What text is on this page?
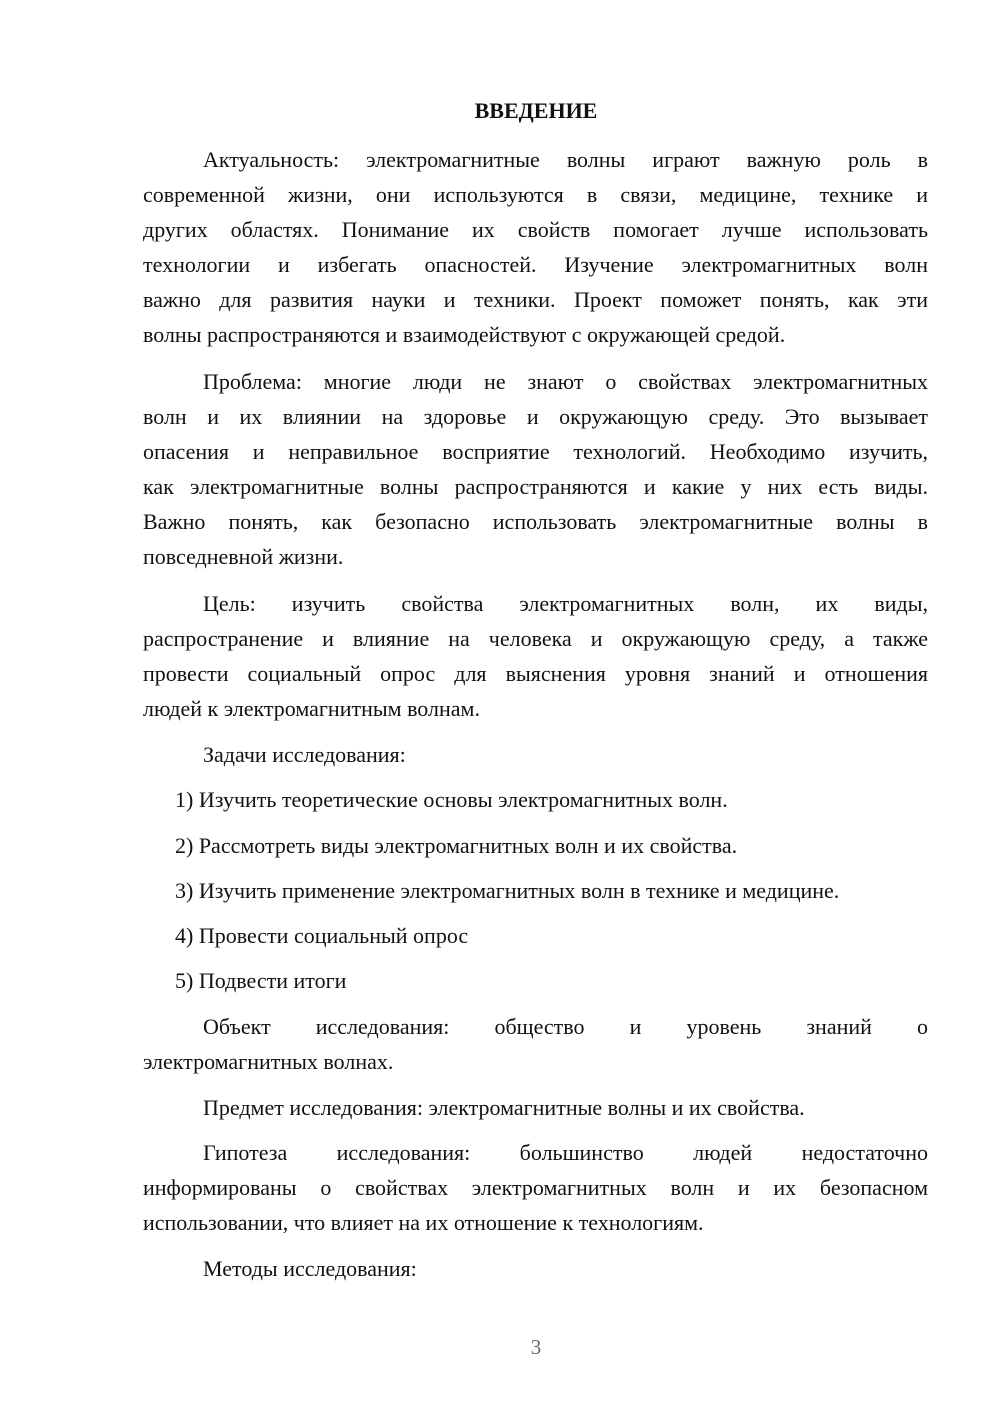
ВВЕДЕНИЕ
Актуальность: электромагнитные волны играют важную роль в
современной жизни, они используются в связи, медицине, технике и
других областях. Понимание их свойств помогает лучше использовать
технологии и избегать опасностей. Изучение электромагнитных волн
важно для развития науки и техники. Проект поможет понять, как эти
волны распространяются и взаимодействуют с окружающей средой.
Проблема: многие люди не знают о свойствах электромагнитных
волн и их влиянии на здоровье и окружающую среду. Это вызывает
опасения и неправильное восприятие технологий. Необходимо изучить,
как электромагнитные волны распространяются и какие у них есть виды.
Важно понять, как безопасно использовать электромагнитные волны в
повседневной жизни.
Цель: изучить свойства электромагнитных волн, их виды,
распространение и влияние на человека и окружающую среду, а также
провести социальный опрос для выяснения уровня знаний и отношения
людей к электромагнитным волнам.
Задачи исследования:
Объект исследования: общество и уровень знаний о
электромагнитных волнах.
Предмет исследования: электромагнитные волны и их свойства.
Гипотеза исследования: большинство людей недостаточно
информированы о свойствах электромагнитных волн и их безопасном
использовании, что влияет на их отношение к технологиям.
Методы исследования:
1) Изучить теоретические основы электромагнитных волн.
2) Рассмотреть виды электромагнитных волн и их свойства.
3) Изучить применение электромагнитных волн в технике и медицине.
4) Провести социальный опрос
5) Подвести итоги
3
